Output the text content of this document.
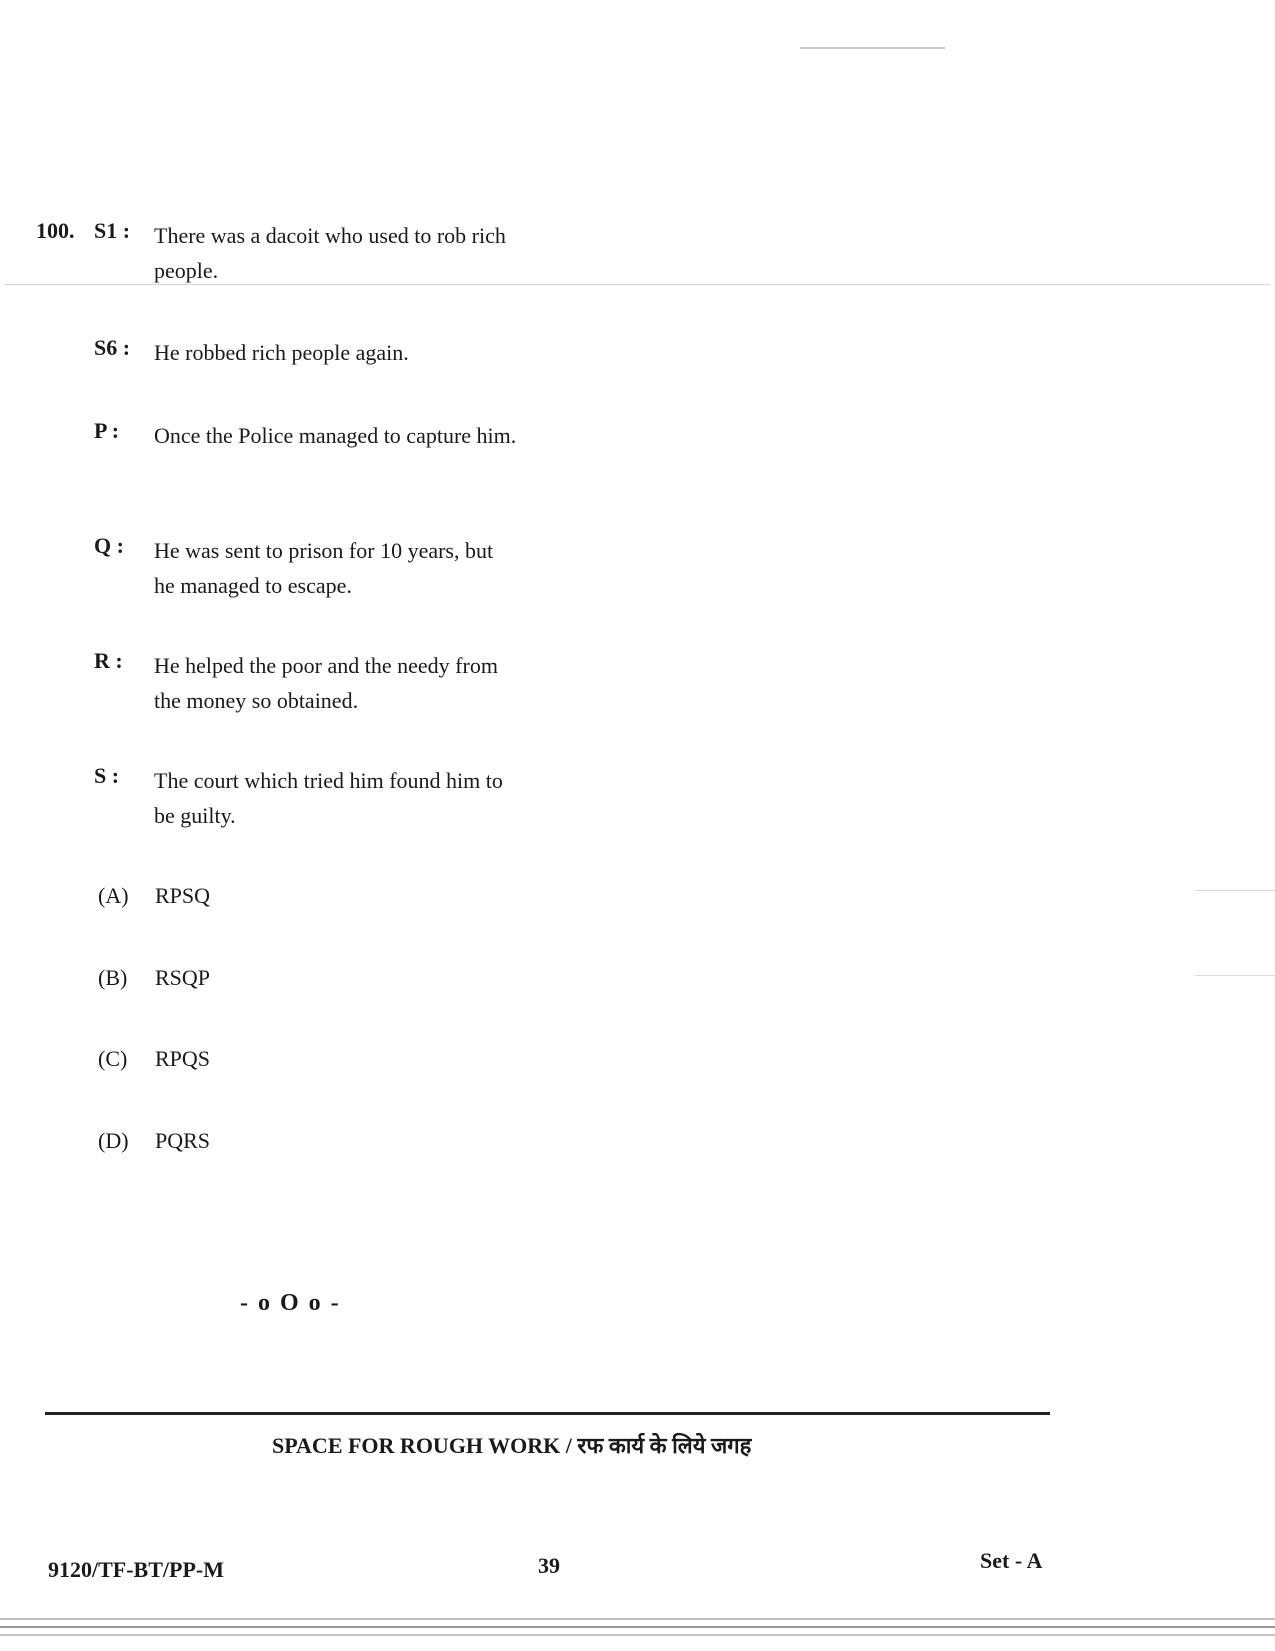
100. S1 :	There was a dacoit who used to rob rich people.
S6 :	He robbed rich people again.
P :	Once the Police managed to capture him.
Q :	He was sent to prison for 10 years, but he managed to escape.
R :	He helped the poor and the needy from the money so obtained.
S :	The court which tried him found him to be guilty.
(A) RPSQ
(B) RSQP
(C) RPQS
(D) PQRS
- o O o -
SPACE FOR ROUGH WORK / रफ कार्य के लिये जगह
9120/TF-BT/PP-M	39	Set - A
